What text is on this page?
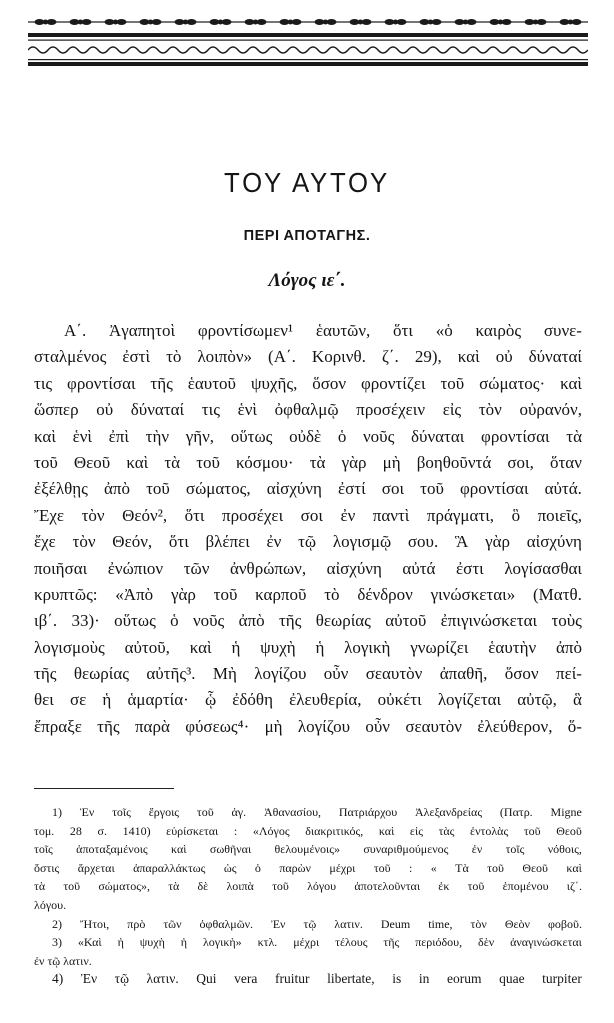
ΤΟΥ ΑΥΤΟΥ
ΠΕΡΙ ΑΠΟΤΑΓΗΣ.
Λόγος ιε΄.
Α΄. Ἀγαπητοὶ φροντίσωμεν¹ ἑαυτῶν, ὅτι «ὁ καιρὸς συνε-
σταλμένος ἐστὶ τὸ λοιπὸν» (Α΄. Κορινθ. ζ΄. 29), καὶ οὐ δύναταί
τις φροντίσαι τῆς ἑαυτοῦ ψυχῆς, ὅσον φροντίζει τοῦ σώματος· καὶ
ὥσπερ οὐ δύναταί τις ἑνὶ ὀφθαλμῷ προσέχειν εἰς τὸν οὐρανόν,
καὶ ἑνὶ ἐπὶ τὴν γῆν, οὕτως οὐδὲ ὁ νοῦς δύναται φροντίσαι τὰ
τοῦ Θεοῦ καὶ τὰ τοῦ κόσμου· τὰ γὰρ μὴ βοηθοῦντά σοι, ὅταν
ἐξέλθῃς ἀπὸ τοῦ σώματος, αἰσχύνη ἐστί σοι τοῦ φροντίσαι αὐτά.
Ἔχε τὸν Θεόν², ὅτι προσέχει σοι ἐν παντὶ πράγματι, ὃ ποιεῖς,
ἔχε τὸν Θεόν, ὅτι βλέπει ἐν τῷ λογισμῷ σου. Ἃ γὰρ αἰσχύνη
ποιῆσαι ἐνώπιον τῶν ἀνθρώπων, αἰσχύνη αὐτά ἐστι λογίσασθαι
κρυπτῶς: «Ἀπὸ γὰρ τοῦ καρποῦ τὸ δένδρον γινώσκεται» (Ματθ.
ιβ΄. 33)· οὕτως ὁ νοῦς ἀπὸ τῆς θεωρίας αὐτοῦ ἐπιγινώσκεται τοὺς
λογισμοὺς αὐτοῦ, καὶ ἡ ψυχὴ ἡ λογικὴ γνωρίζει ἑαυτὴν ἀπὸ
τῆς θεωρίας αὐτῆς³. Μὴ λογίζου οὖν σεαυτὸν ἀπαθῆ, ὅσον πεί-
θει σε ἡ ἁμαρτία· ᾧ ἐδόθη ἐλευθερία, οὐκέτι λογίζεται αὐτῷ, ἃ
ἔπραξε τῆς παρὰ φύσεως⁴· μὴ λογίζου οὖν σεαυτὸν ἐλεύθερον, ὅ-
1) Ἐν τοῖς ἔργοις τοῦ ἁγ. Ἀθανασίου, Πατριάρχου Ἀλεξανδρείας (Πατρ. Migne
τομ. 28 σ. 1410) εὑρίσκεται : «Λόγος διακριτικός, καὶ εἰς τὰς ἐντολὰς τοῦ Θεοῦ
τοῖς ἀποταξαμένοις καὶ σωθῆναι θελουμένοις» συναριθμούμενος ἐν τοῖς νόθοις,
ὅστις ἄρχεται ἀπαραλλάκτως ὡς ὁ παρὼν μέχρι τοῦ : « Τὰ τοῦ Θεοῦ καὶ
τὰ τοῦ σώματος», τὰ δὲ λοιπὰ τοῦ λόγου ἀποτελοῦνται ἐκ τοῦ ἑπομένου ιζ΄.
λόγου.
2) Ἤτοι, πρὸ τῶν ὀφθαλμῶν. Ἐν τῷ λατιν. Deum time, τὸν Θεὸν φοβοῦ.
3) «Καὶ ἡ ψυχὴ ἡ λογικὴ» κτλ. μέχρι τέλους τῆς περιόδου, δὲν ἀναγινώσκεται
ἐν τῷ λατιν.
4) Ἐν τῷ λατιν. Qui vera fruitur libertate, is in eorum quae turpiter
